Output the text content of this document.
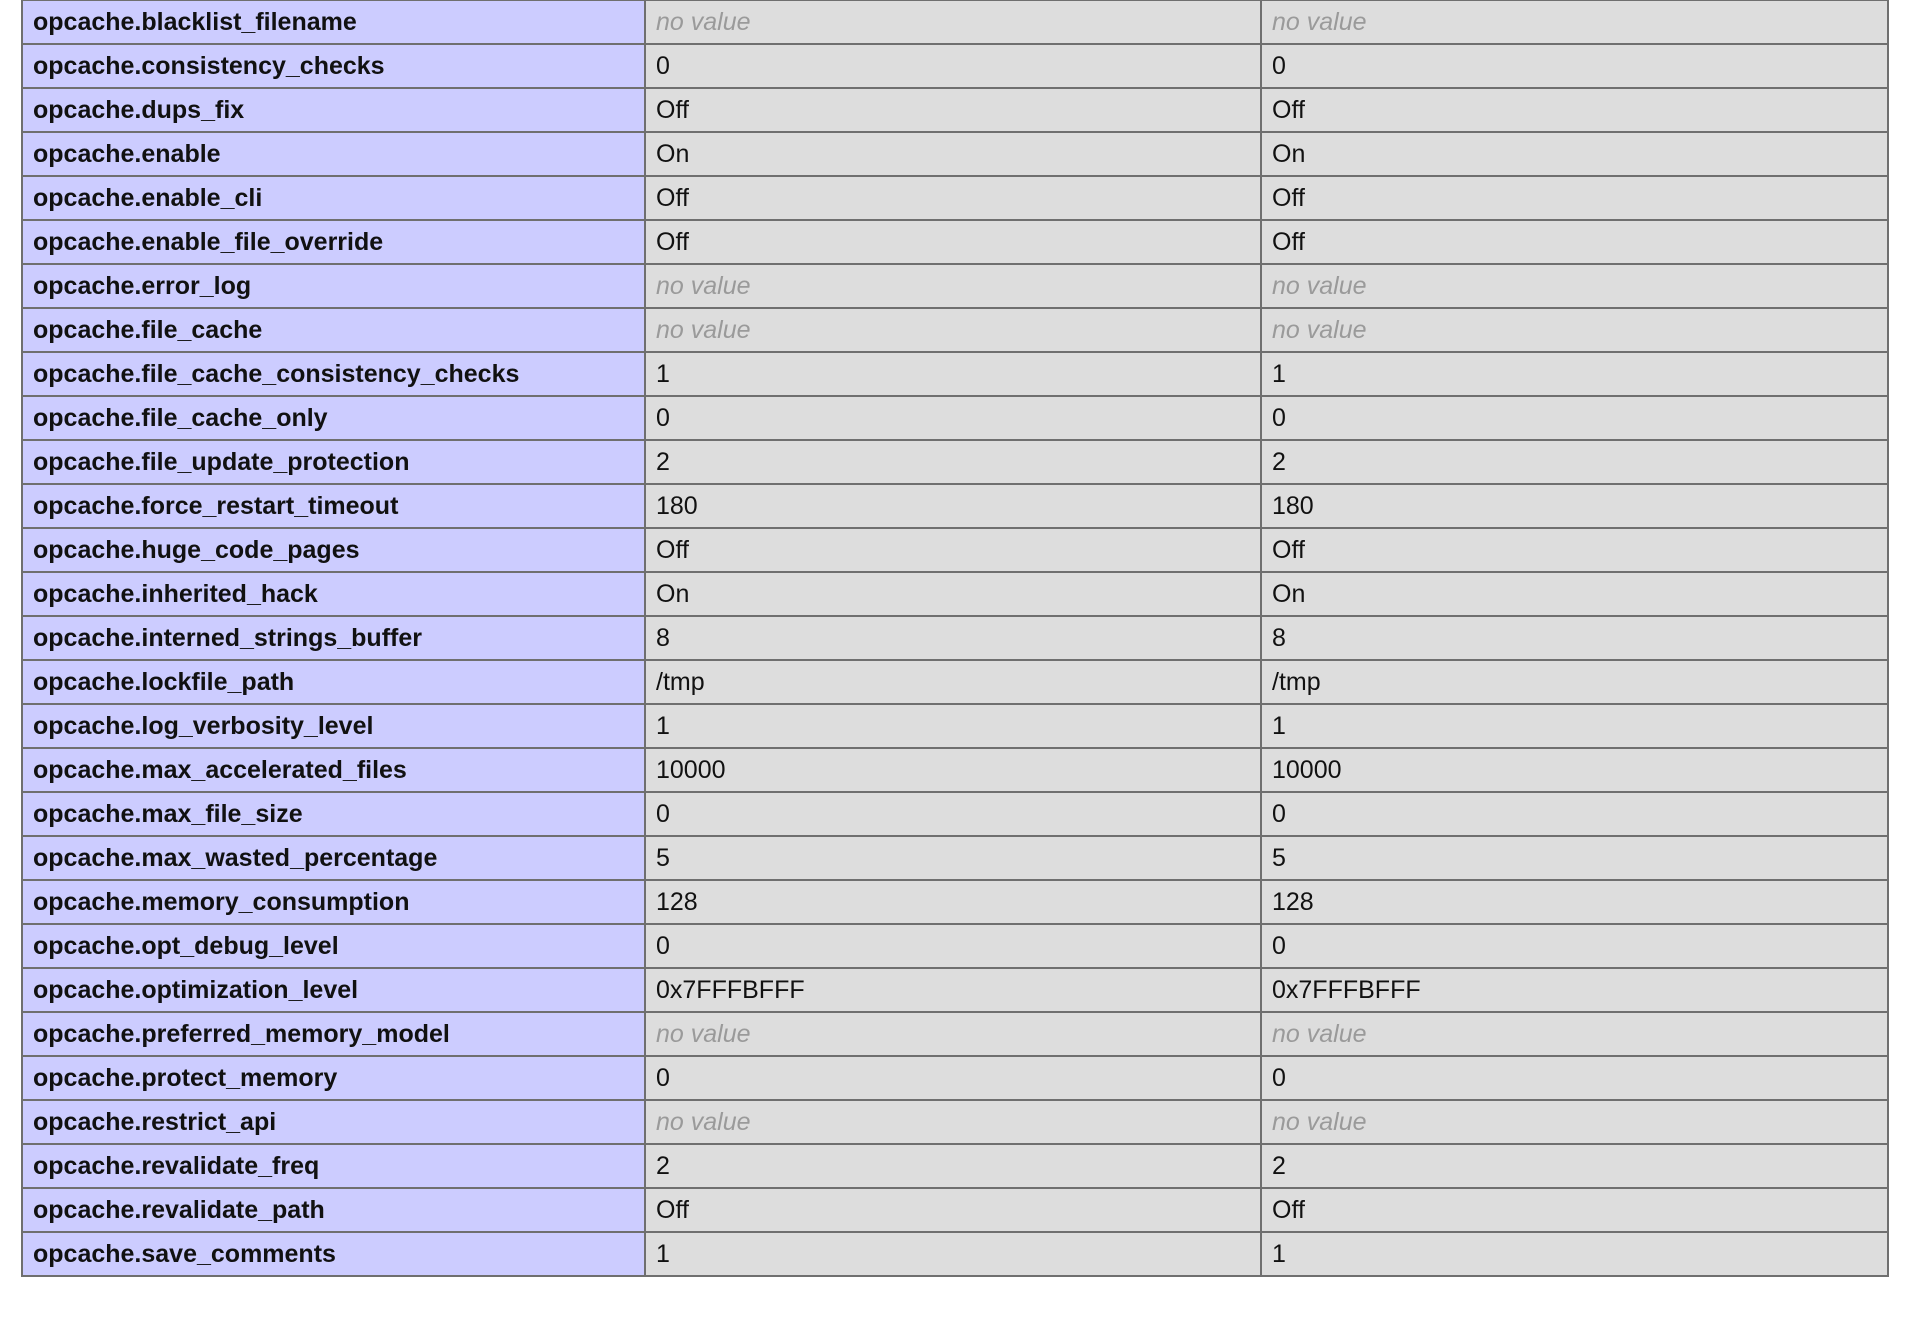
opcache.blacklist_filename	no value	no value
opcache.consistency_checks	0	0
opcache.dups_fix	Off	Off
opcache.enable	On	On
opcache.enable_cli	Off	Off
opcache.enable_file_override	Off	Off
opcache.error_log	no value	no value
opcache.file_cache	no value	no value
opcache.file_cache_consistency_checks	1	1
opcache.file_cache_only	0	0
opcache.file_update_protection	2	2
opcache.force_restart_timeout	180	180
opcache.huge_code_pages	Off	Off
opcache.inherited_hack	On	On
opcache.interned_strings_buffer	8	8
opcache.lockfile_path	/tmp	/tmp
opcache.log_verbosity_level	1	1
opcache.max_accelerated_files	10000	10000
opcache.max_file_size	0	0
opcache.max_wasted_percentage	5	5
opcache.memory_consumption	128	128
opcache.opt_debug_level	0	0
opcache.optimization_level	0x7FFFBFFF	0x7FFFBFFF
opcache.preferred_memory_model	no value	no value
opcache.protect_memory	0	0
opcache.restrict_api	no value	no value
opcache.revalidate_freq	2	2
opcache.revalidate_path	Off	Off
opcache.save_comments	1	1
